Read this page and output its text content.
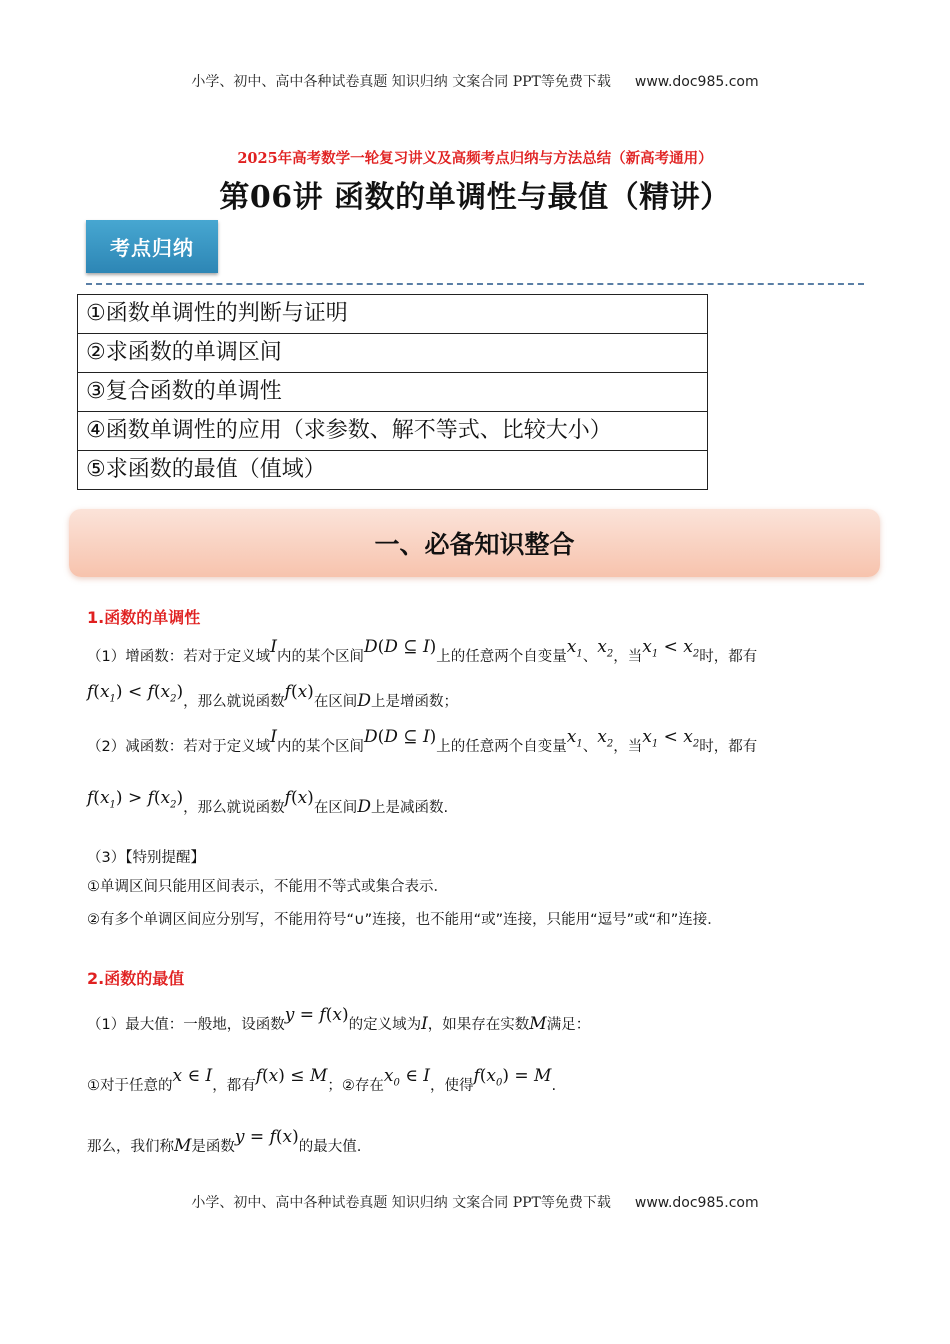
小学、初中、高中各种试卷真题 知识归纳 文案合同 PPT等免费下载 www.doc985.com
2025年高考数学一轮复习讲义及高频考点归纳与方法总结（新高考通用）
第06讲 函数的单调性与最值（精讲）
考点归纳
①函数单调性的判断与证明
②求函数的单调区间
③复合函数的单调性
④函数单调性的应用（求参数、解不等式、比较大小）
⑤求函数的最值（值域）
一、必备知识整合
1.函数的单调性
（1）增函数：若对于定义域I内的某个区间D(D ⊆ I)上的任意两个自变量$x_1$、$x_2$，当$x_1 < x_2$时，都有
$f(x_1) < f(x_2)$，那么就说函数f(x)在区间D上是增函数；
（2）减函数：若对于定义域I内的某个区间D(D ⊆ I)上的任意两个自变量$x_1$、$x_2$，当$x_1 < x_2$时，都有
$f(x_1) > f(x_2)$，那么就说函数f(x)在区间D上是减函数.
（3）【特别提醒】
①单调区间只能用区间表示，不能用不等式或集合表示．
②有多个单调区间应分别写，不能用符号“∪”连接，也不能用“或”连接，只能用“逗号”或“和”连接．
2.函数的最值
（1）最大值：一般地，设函数y = f(x)的定义域为I，如果存在实数M满足：
①对于任意的x ∈ I，都有f(x) ≤ M；②存在$x_0$ ∈ I，使得$f(x_0) = M$.
那么，我们称M是函数y = f(x)的最大值.
小学、初中、高中各种试卷真题 知识归纳 文案合同 PPT等免费下载 www.doc985.com
